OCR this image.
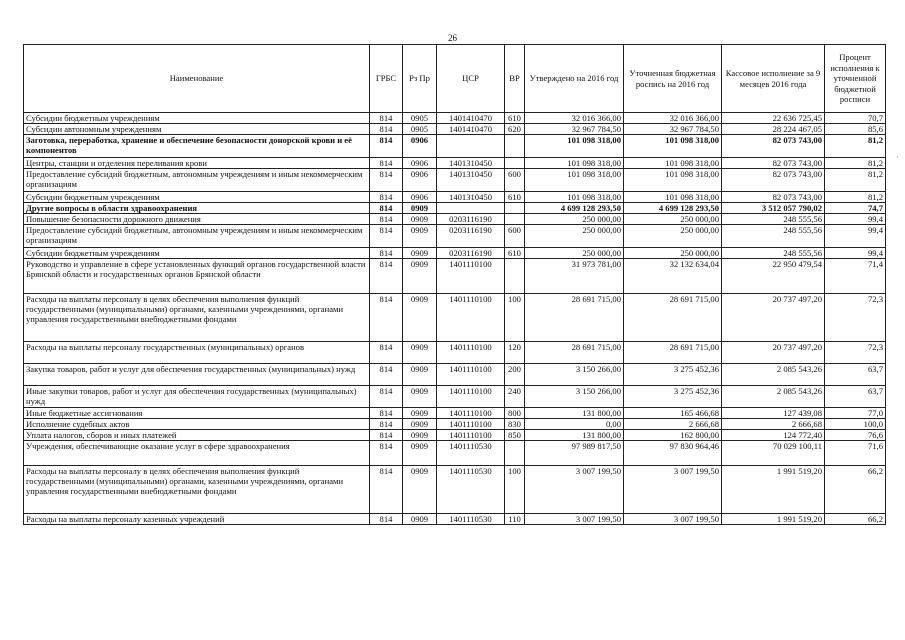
26
Наименование	ГРБС	Рз Пр	ЦСР	ВР	Утверждено на 2016 год	Уточненная бюджетная роспись на 2016 год	Кассовое исполнение за 9 месяцев 2016 года	Процент исполнения к уточненной бюджетной росписи
Субсидии бюджетным учреждениям	814	0905	1401410470	610	32 016 366,00	32 016 366,00	22 636 725,45	70,7
Субсидии автономным учреждениям	814	0905	1401410470	620	32 967 784,50	32 967 784,50	28 224 467,05	85,6
Заготовка, переработка, хранение и обеспечение безопасности донорской крови и её компонентов	814	0906			101 098 318,00	101 098 318,00	82 073 743,00	81,2
Центры, станции и отделения переливания крови	814	0906	1401310450		101 098 318,00	101 098 318,00	82 073 743,00	81,2
Предоставление субсидий бюджетным, автономным учреждениям и иным некоммерческим организациям	814	0906	1401310450	600	101 098 318,00	101 098 318,00	82 073 743,00	81,2
Субсидии бюджетным учреждениям	814	0906	1401310450	610	101 098 318,00	101 098 318,00	82 073 743,00	81,2
Другие вопросы в области здравоохранения	814	0909			4 699 128 293,50	4 699 128 293,50	3 512 057 790,02	74,7
Повышение безопасности дорожного движения	814	0909	0203116190		250 000,00	250 000,00	248 555,56	99,4
Предоставление субсидий бюджетным, автономным учреждениям и иным некоммерческим организациям	814	0909	0203116190	600	250 000,00	250 000,00	248 555,56	99,4
Субсидии бюджетным учреждениям	814	0909	0203116190	610	250 000,00	250 000,00	248 555,56	99,4
Руководство и управление в сфере установленных функций органов государственной власти Брянской области и государственных органов Брянской области	814	0909	1401110100		31 973 781,00	32 132 634,04	22 950 479,54	71,4
Расходы на выплаты персоналу в целях обеспечения выполнения функций государственными (муниципальными) органами, казенными учреждениями, органами управления государственными внебюджетными фондами	814	0909	1401110100	100	28 691 715,00	28 691 715,00	20 737 497,20	72,3
Расходы на выплаты персоналу государственных (муниципальных) органов	814	0909	1401110100	120	28 691 715,00	28 691 715,00	20 737 497,20	72,3
Закупка товаров, работ и услуг для обеспечения государственных (муниципальных) нужд	814	0909	1401110100	200	3 150 266,00	3 275 452,36	2 085 543,26	63,7
Иные закупки товаров, работ и услуг для обеспечения государственных (муниципальных) нужд	814	0909	1401110100	240	3 150 266,00	3 275 452,36	2 085 543,26	63,7
Иные бюджетные ассигнования	814	0909	1401110100	800	131 800,00	165 466,68	127 439,08	77,0
Исполнение судебных актов	814	0909	1401110100	830	0,00	2 666,68	2 666,68	100,0
Уплата налогов, сборов и иных платежей	814	0909	1401110100	850	131 800,00	162 800,00	124 772,40	76,6
Учреждения, обеспечивающие оказание услуг в сфере здравоохранения	814	0909	1401110530		97 989 817,50	97 830 964,46	70 029 100,11	71,6
Расходы на выплаты персоналу в целях обеспечения выполнения функций государственными (муниципальными) органами, казенными учреждениями, органами управления государственными внебюджетными фондами	814	0909	1401110530	100	3 007 199,50	3 007 199,50	1 991 519,20	66,2
Расходы на выплаты персоналу казенных учреждений	814	0909	1401110530	110	3 007 199,50	3 007 199,50	1 991 519,20	66,2
·
